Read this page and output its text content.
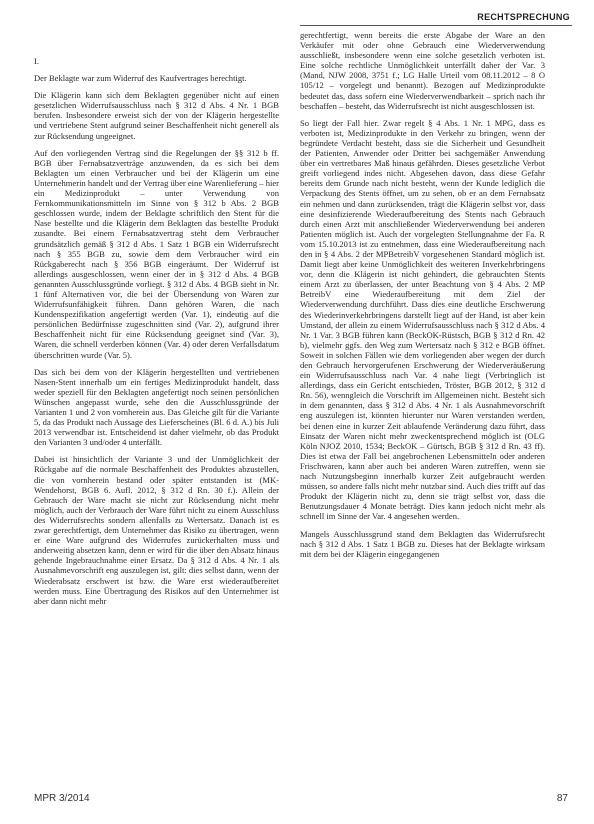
RECHTSPRECHUNG

I.

Der Beklagte war zum Widerruf des Kaufvertrages berechtigt.

Die Klägerin kann sich dem Beklagten gegenüber nicht auf einen gesetzlichen Widerrufsausschluss nach § 312 d Abs. 4 Nr. 1 BGB berufen. Insbesondere erweist sich der von der Klägerin hergestellte und vertriebene Stent aufgrund seiner Beschaffenheit nicht generell als zur Rücksendung ungeeignet.

Auf den vorliegenden Vertrag sind die Regelungen der §§ 312 b ff. BGB über Fernabsatzverträge anzuwenden, da es sich bei dem Beklagten um einen Verbraucher und bei der Klägerin um eine Unternehmerin handelt und der Vertrag über eine Warenlieferung – hier ein Medizinprodukt – unter Verwendung von Fernkommunikationsmitteln im Sinne von § 312 b Abs. 2 BGB geschlossen wurde, indem der Beklagte schriftlich den Stent für die Nase bestellte und die Klägerin dem Beklagten das bestellte Produkt zusandte. Bei einem Fernabsatzvertrag steht dem Verbraucher grundsätzlich gemäß § 312 d Abs. 1 Satz 1 BGB ein Widerrufsrecht nach § 355 BGB zu, sowie dem dem Verbraucher wird ein Rückgaberecht nach § 356 BGB eingeräumt. Der Widerruf ist allerdings ausgeschlossen, wenn einer der in § 312 d Abs. 4 BGB genannten Ausschlussgründe vorliegt. § 312 d Abs. 4 BGB sieht in Nr. 1 fünf Alternativen vor, die bei der Übersendung von Waren zur Widerrufsunfähigkeit führen. Dann gehören Waren, die nach Kundenspezifikation angefertigt werden (Var. 1), eindeutig auf die persönlichen Bedürfnisse zugeschnitten sind (Var. 2), aufgrund ihrer Beschaffenheit nicht für eine Rücksendung geeignet sind (Var. 3), Waren, die schnell verderben können (Var. 4) oder deren Verfallsdatum überschritten wurde (Var. 5).

Das sich bei dem von der Klägerin hergestellten und vertriebenen Nasen-Stent innerhalb um ein fertiges Medizinprodukt handelt, dass weder speziell für den Beklagten angefertigt noch seinen persönlichen Wünschen angepasst wurde, sehe den die Ausschlussgründe der Varianten 1 und 2 von vornherein aus. Das Gleiche gilt für die Variante 5, da das Produkt nach Aussage des Lieferscheines (Bl. 6 d. A.) bis Juli 2013 verwendbar ist. Entscheidend ist daher vielmehr, ob das Produkt den Varianten 3 und/oder 4 unterfällt.

Dabei ist hinsichtlich der Variante 3 und der Unmöglichkeit der Rückgabe auf die normale Beschaffenheit des Produktes abzustellen, die von vornherein bestand oder später entstanden ist (MK-Wendehorst, BGB 6. Aufl. 2012, § 312 d Rn. 30 f.). Allein der Gebrauch der Ware macht sie nicht zur Rücksendung nicht mehr möglich, auch der Verbrauch der Ware führt nicht zu einem Ausschluss des Widerrufsrechts sondern allenfalls zu Wertersatz. Danach ist es zwar gerechtfertigt, dem Unternehmer das Risiko zu übertragen, wenn er eine Ware aufgrund des Widerrufes zurückerhalten muss und anderweitig absetzen kann, denn er wird für die über den Absatz hinaus gehende Ingebrauchnahme einer Ersatz. Da § 312 d Abs. 4 Nr. 1 als Ausnahmevorschrift eng auszulegen ist, gilt: dies selbst dann, wenn der Wiederabsatz erschwert ist bzw. die Ware erst wiederaufbereitet werden muss. Eine Übertragung des Risikos auf den Unternehmer ist aber dann nicht mehr

gerechtfertigt, wenn bereits die erste Abgabe der Ware an den Verkäufer mit oder ohne Gebrauch eine Wiederverwendung ausschließt, insbesondere wenn eine solche gesetzlich verboten ist. Eine solche rechtliche Unmöglichkeit unterfällt daher der Var. 3 (Mand, NJW 2008, 3751 f.; LG Halle Urteil vom 08.11.2012 – 8 O 105/12 – vorgelegt und benannt). Bezogen auf Medizinprodukte bedeutet das, dass sofern eine Wiederverwendbarkeit – sprich nach ihr beschaffen – besteht, das Widerrufsrecht ist nicht ausgeschlossen ist.

So liegt der Fall hier. Zwar regelt § 4 Abs. 1 Nr. 1 MPG, dass es verboten ist, Medizinprodukte in den Verkehr zu bringen, wenn der begründete Verdacht besteht, dass sie die Sicherheit und Gesundheit der Patienten, Anwender oder Dritter bei sachgemäßer Anwendung über ein vertretbares Maß hinaus gefährden. Dieses gesetzliche Verbot greift vorliegend indes nicht. Abgesehen davon, dass diese Gefahr bereits dem Grunde nach nicht besteht, wenn der Kunde lediglich die Verpackung des Stents öffnet, um zu sehen, ob er an dem Fernabsatz ein nehmen und dann zurücksenden, trägt die Klägerin selbst vor, dass eine desinfizierende Wiederaufbereitung des Stents nach Gebrauch durch einen Arzt mit anschließender Wiederverwendung bei anderen Patienten möglich ist. Auch der vorgelegten Stellungnahme der Fa. R vom 15.10.2013 ist zu entnehmen, dass eine Wiederaufbereitung nach den in § 4 Abs. 2 der MPBetreibV vorgesehenen Standard möglich ist. Damit liegt aber keine Unmöglichkeit des weiteren Inverkehrbringens vor, denn die Klägerin ist nicht gehindert, die gebrauchten Stents einem Arzt zu überlassen, der unter Beachtung von § 4 Abs. 2 MP BetreibV eine Wiederaufbereitung mit dem Ziel der Wiederverwendung durchführt. Dass dies eine deutliche Erschwerung des Wiederinverkehrbringens darstellt liegt auf der Hand, ist aber kein Umstand, der allein zu einem Widerrufsausschluss nach § 312 d Abs. 4 Nr. 1 Var. 3 BGB führen kann (BeckOK-Rüstsch, BGB § 312 d Rn. 42 b), vielmehr ggfs. den Weg zum Wertersatz nach § 312 e BGB öffnet. Soweit in solchen Fällen wie dem vorliegenden aber wegen der durch den Gebrauch hervorgerufenen Erschwerung der Wiederveräußerung ein Widerrufsausschluss nach Var. 4 nahe liegt (Verbringlich ist allerdings, dass ein Gericht entschieden, Tröster, BGB 2012, § 312 d Rn. 56), wenngleich die Vorschrift im Allgemeinen nicht. Besteht sich in dem genannten, dass § 312 d Abs. 4 Nr. 1 als Ausnahmevorschrift eng auszulegen ist, könnten hierunter nur Waren verstanden werden, bei denen eine in kurzer Zeit ablaufende Veränderung dazu führt, dass Einsatz der Waren nicht mehr zweckentsprechend möglich ist (OLG Köln NJOZ 2010, 1534; BeckOK – Gürtsch, BGB § 312 d Rn. 43 ff). Dies ist etwa der Fall bei angebrochenen Lebensmitteln oder anderen Frischwaren, kann aber auch bei anderen Waren zutreffen, wenn sie nach Nutzungsbeginn innerhalb kurzer Zeit aufgebraucht werden müssen, so andere falls nicht mehr nutzbar sind. Auch dies trifft auf das Produkt der Klägerin nicht zu, denn sie trägt selbst vor, dass die Benutzungsdauer 4 Monate beträgt. Dies kann jedoch nicht mehr als schnell im Sinne der Var. 4 angesehen werden.

Mangels Ausschlussgrund stand dem Beklagten das Widerrufsrecht nach § 312 d Abs. 1 Satz 1 BGB zu. Dieses hat der Beklagte wirksam mit dem bei der Klägerin eingegangenen

MPR 3/2014	87
